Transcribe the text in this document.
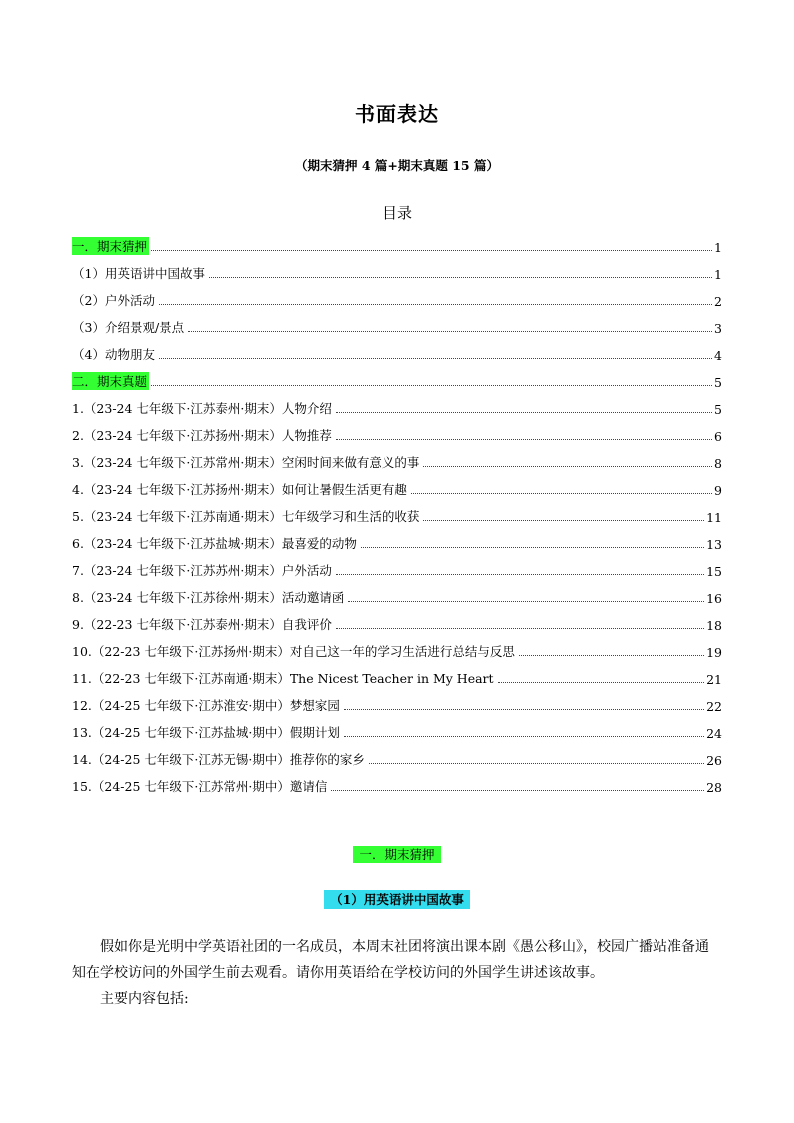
书面表达
（期末猜押 4 篇+期末真题 15 篇）
目录
一．期末猜押	1
（1）用英语讲中国故事	1
（2）户外活动	2
（3）介绍景观/景点	3
（4）动物朋友	4
二．期末真题	5
1.（23-24 七年级下·江苏泰州·期末）人物介绍	5
2.（23-24 七年级下·江苏扬州·期末）人物推荐	6
3.（23-24 七年级下·江苏常州·期末）空闲时间来做有意义的事	8
4.（23-24 七年级下·江苏扬州·期末）如何让暑假生活更有趣	9
5.（23-24 七年级下·江苏南通·期末）七年级学习和生活的收获	11
6.（23-24 七年级下·江苏盐城·期末）最喜爱的动物	13
7.（23-24 七年级下·江苏苏州·期末）户外活动	15
8.（23-24 七年级下·江苏徐州·期末）活动邀请函	16
9.（22-23 七年级下·江苏泰州·期末）自我评价	18
10.（22-23 七年级下·江苏扬州·期末）对自己这一年的学习生活进行总结与反思	19
11.（22-23 七年级下·江苏南通·期末）The Nicest Teacher in My Heart	21
12.（24-25 七年级下·江苏淮安·期中）梦想家园	22
13.（24-25 七年级下·江苏盐城·期中）假期计划	24
14.（24-25 七年级下·江苏无锡·期中）推荐你的家乡	26
15.（24-25 七年级下·江苏常州·期中）邀请信	28
一．期末猜押
（1）用英语讲中国故事

假如你是光明中学英语社团的一名成员，本周末社团将演出课本剧《愚公移山》，校园广播站准备通知在学校访问的外国学生前去观看。请你用英语给在学校访问的外国学生讲述该故事。

主要内容包括:
